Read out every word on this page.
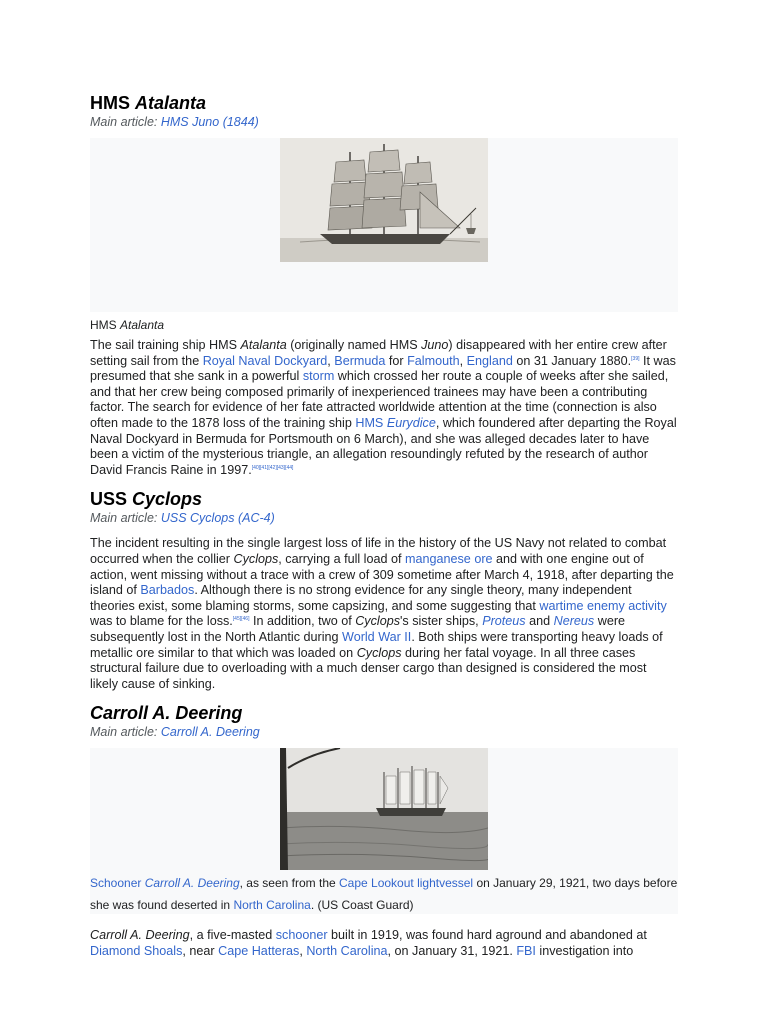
HMS Atalanta
Main article: HMS Juno (1844)
HMS Atalanta

The sail training ship HMS Atalanta (originally named HMS Juno) disappeared with her entire crew after setting sail from the Royal Naval Dockyard, Bermuda for Falmouth, England on 31 January 1880.[39] It was presumed that she sank in a powerful storm which crossed her route a couple of weeks after she sailed, and that her crew being composed primarily of inexperienced trainees may have been a contributing factor. The search for evidence of her fate attracted worldwide attention at the time (connection is also often made to the 1878 loss of the training ship HMS Eurydice, which foundered after departing the Royal Naval Dockyard in Bermuda for Portsmouth on 6 March), and she was alleged decades later to have been a victim of the mysterious triangle, an allegation resoundingly refuted by the research of author David Francis Raine in 1997.[40][41][42][43][44]

USS Cyclops
Main article: USS Cyclops (AC-4)

The incident resulting in the single largest loss of life in the history of the US Navy not related to combat occurred when the collier Cyclops, carrying a full load of manganese ore and with one engine out of action, went missing without a trace with a crew of 309 sometime after March 4, 1918, after departing the island of Barbados. Although there is no strong evidence for any single theory, many independent theories exist, some blaming storms, some capsizing, and some suggesting that wartime enemy activity was to blame for the loss.[45][46] In addition, two of Cyclops's sister ships, Proteus and Nereus were subsequently lost in the North Atlantic during World War II. Both ships were transporting heavy loads of metallic ore similar to that which was loaded on Cyclops during her fatal voyage. In all three cases structural failure due to overloading with a much denser cargo than designed is considered the most likely cause of sinking.

Carroll A. Deering
Main article: Carroll A. Deering
Schooner Carroll A. Deering, as seen from the Cape Lookout lightvessel on January 29, 1921, two days before she was found deserted in North Carolina. (US Coast Guard)

Carroll A. Deering, a five-masted schooner built in 1919, was found hard aground and abandoned at Diamond Shoals, near Cape Hatteras, North Carolina, on January 31, 1921. FBI investigation into
